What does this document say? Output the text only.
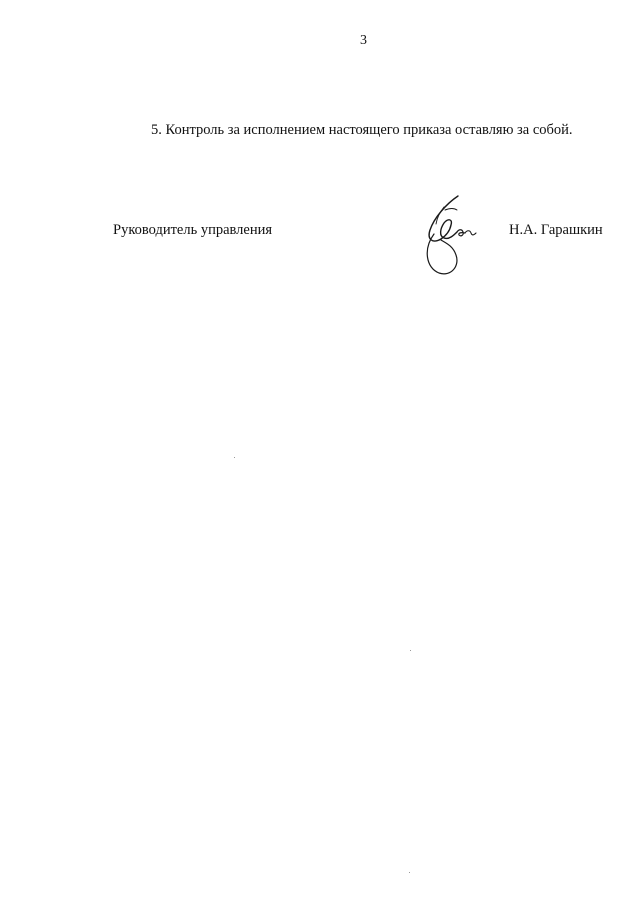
3
5. Контроль за исполнением настоящего приказа оставляю за собой.
Руководитель управления	Н.А. Гарашкин
